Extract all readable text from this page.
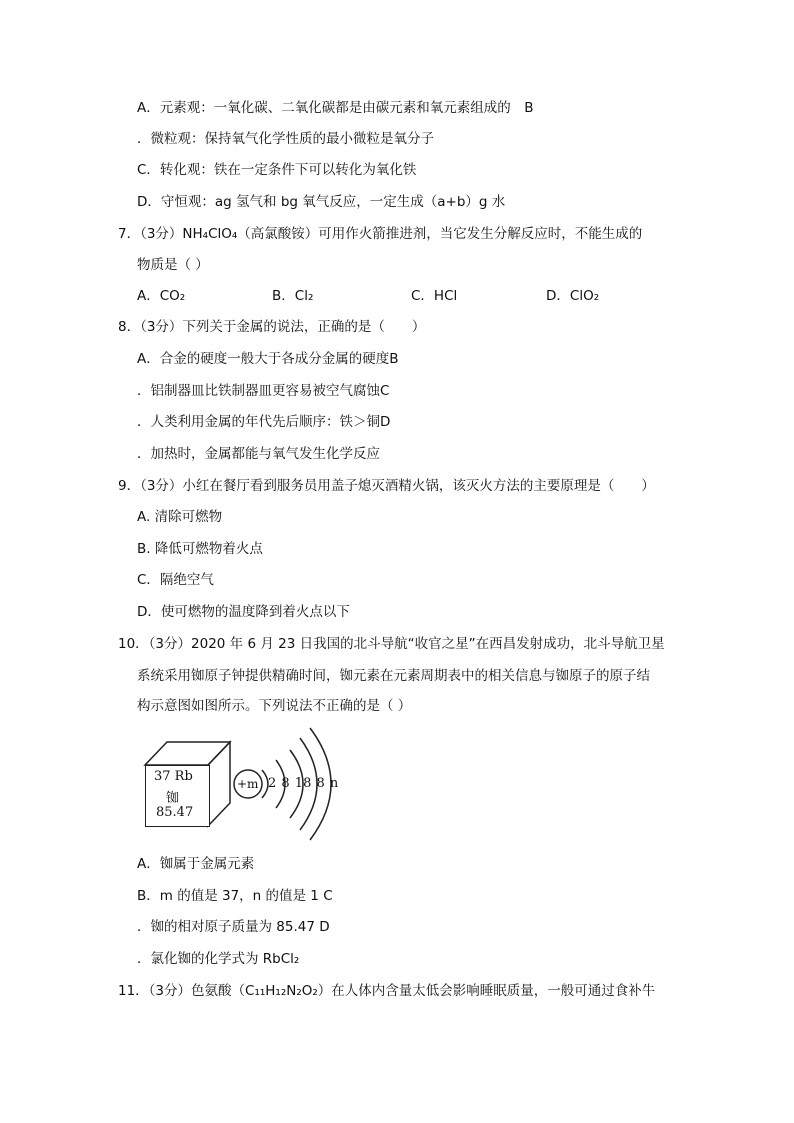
A．元素观：一氧化碳、二氧化碳都是由碳元素和氧元素组成的　B
．微粒观：保持氧气化学性质的最小微粒是氧分子
C．转化观：铁在一定条件下可以转化为氧化铁
D．守恒观：ag 氢气和 bg 氧气反应，一定生成（a+b）g 水
7．（3分）NH₄ClO₄（高氯酸铵）可用作火箭推进剂，当它发生分解反应时，不能生成的
物质是（ ）
A．CO₂	B．Cl₂	C．HCl	D．ClO₂
8．（3分）下列关于金属的说法，正确的是（　　）
A．合金的硬度一般大于各成分金属的硬度B
．铝制器皿比铁制器皿更容易被空气腐蚀C
．人类利用金属的年代先后顺序：铁＞铜D
．加热时，金属都能与氧气发生化学反应
9．（3分）小红在餐厅看到服务员用盖子熄灭酒精火锅，该灭火方法的主要原理是（　　）
A. 清除可燃物
B. 降低可燃物着火点
C．隔绝空气
D．使可燃物的温度降到着火点以下
10．（3分）2020 年 6 月 23 日我国的北斗导航“收官之星”在西昌发射成功，北斗导航卫星
系统采用铷原子钟提供精确时间，铷元素在元素周期表中的相关信息与铷原子的原子结
构示意图如图所示。下列说法不正确的是（ ）
37 Rb
铷
85.47
+m 2 8 18 8 n
A．铷属于金属元素
B．m 的值是 37，n 的值是 1 C
．铷的相对原子质量为 85.47 D
．氯化铷的化学式为 RbCl₂
11．（3分）色氨酸（C₁₁H₁₂N₂O₂）在人体内含量太低会影响睡眠质量，一般可通过食补牛
